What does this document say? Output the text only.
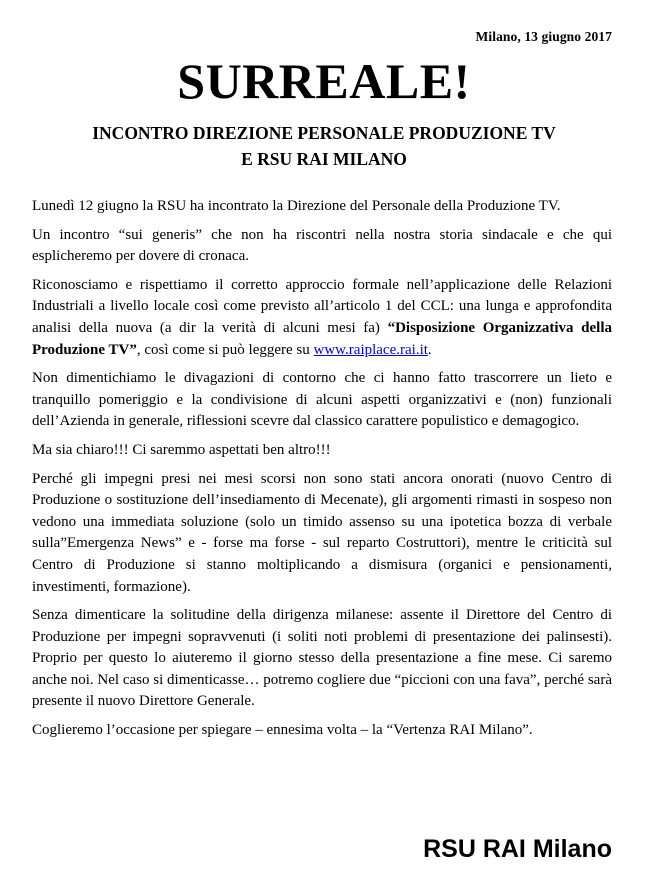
Milano, 13 giugno 2017
SURREALE!
INCONTRO DIREZIONE PERSONALE PRODUZIONE TV
E RSU RAI MILANO

Lunedì 12 giugno la RSU ha incontrato la Direzione del Personale della Produzione TV.

Un incontro “sui generis” che non ha riscontri nella nostra storia sindacale e che qui esplicheremo per dovere di cronaca.

Riconosciamo e rispettiamo il corretto approccio formale nell’applicazione delle Relazioni Industriali a livello locale così come previsto all’articolo 1 del CCL: una lunga e approfondita analisi della nuova (a dir la verità di alcuni mesi fa) “Disposizione Organizzativa della Produzione TV”, così come si può leggere su www.raiplace.rai.it.

Non dimentichiamo le divagazioni di contorno che ci hanno fatto trascorrere un lieto e tranquillo pomeriggio e la condivisione di alcuni aspetti organizzativi e (non) funzionali dell’Azienda in generale, riflessioni scevre dal classico carattere populistico e demagogico.

Ma sia chiaro!!! Ci saremmo aspettati ben altro!!!

Perché gli impegni presi nei mesi scorsi non sono stati ancora onorati (nuovo Centro di Produzione o sostituzione dell’insediamento di Mecenate), gli argomenti rimasti in sospeso non vedono una immediata soluzione (solo un timido assenso su una ipotetica bozza di verbale sulla”Emergenza News” e - forse ma forse - sul reparto Costruttori), mentre le criticità sul Centro di Produzione si stanno moltiplicando a dismisura (organici e pensionamenti, investimenti, formazione).

Senza dimenticare la solitudine della dirigenza milanese: assente il Direttore del Centro di Produzione per impegni sopravvenuti (i soliti noti problemi di presentazione dei palinsesti). Proprio per questo lo aiuteremo il giorno stesso della presentazione a fine mese. Ci saremo anche noi. Nel caso si dimenticasse… potremo cogliere due “piccioni con una fava”, perché sarà presente il nuovo Direttore Generale.

Coglieremo l’occasione per spiegare – ennesima volta – la “Vertenza RAI Milano”.

RSU RAI Milano
